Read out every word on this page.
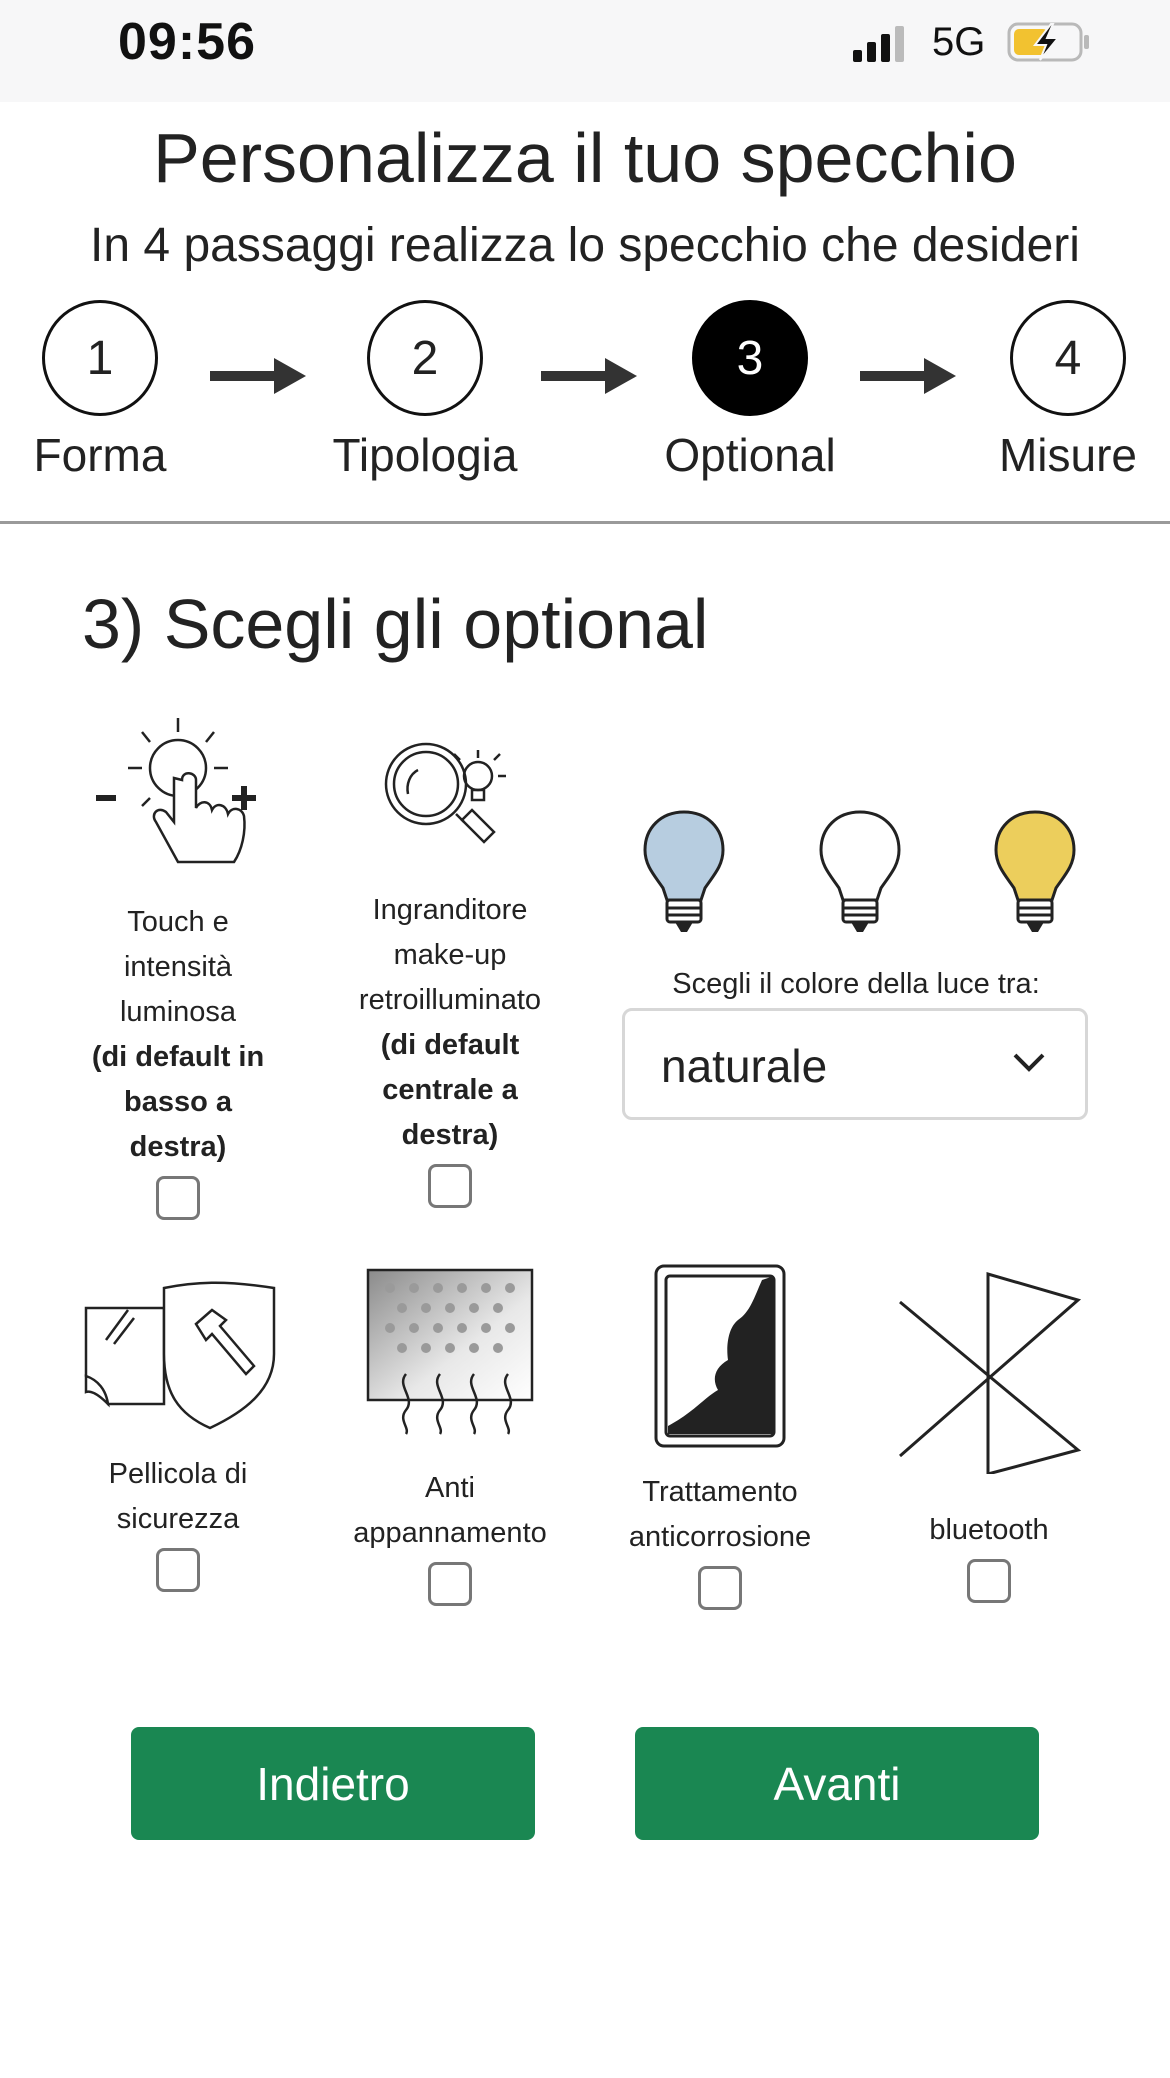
09:56	5G
Personalizza il tuo specchio
In 4 passaggi realizza lo specchio che desideri
1
Forma
2
Tipologia
3
Optional
4
Misure
3) Scegli gli optional
Touch e
intensità
luminosa
(di default in
basso a
destra)
Ingranditore
make-up
retroilluminato
(di default
centrale a
destra)
Scegli il colore della luce tra:
naturale
Pellicola di
sicurezza
Anti
appannamento
Trattamento
anticorrosione	bluetooth
Indietro	Avanti
